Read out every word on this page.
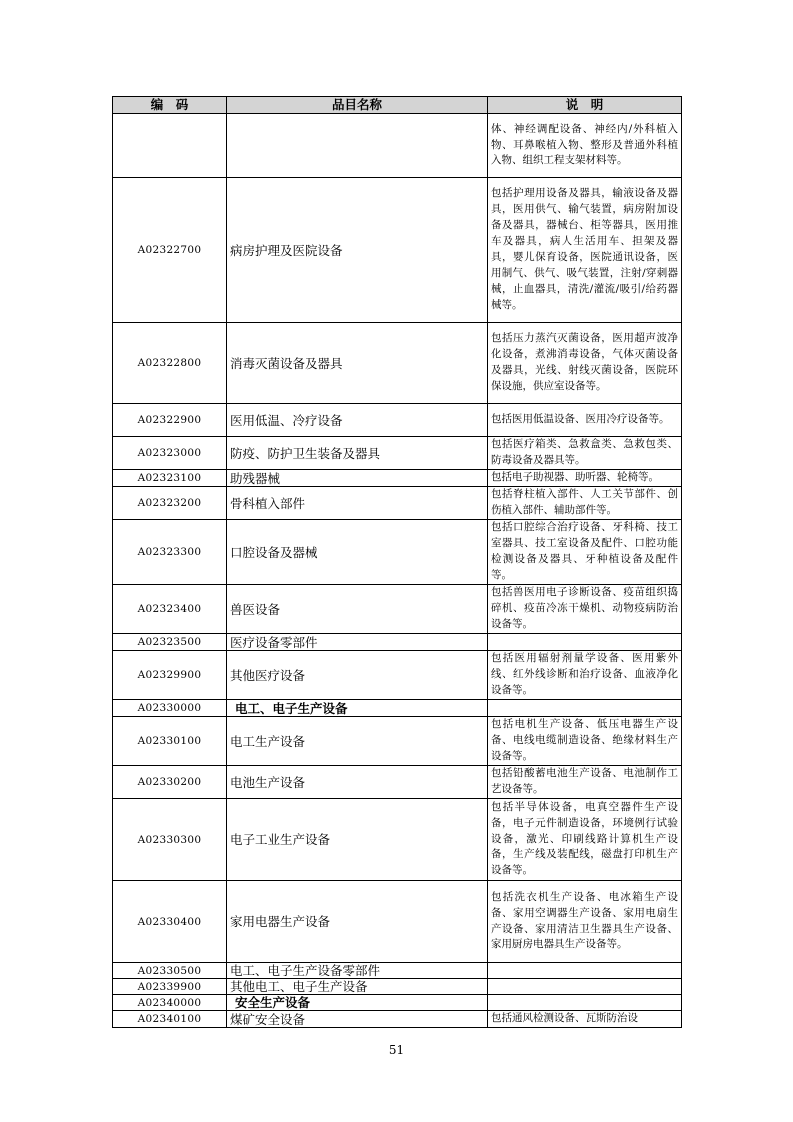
编　码	品目名称	说　明
		体、神经调配设备、神经内/外科植入物、耳鼻喉植入物、整形及普通外科植入物、组织工程支架材料等。
A02322700	病房护理及医院设备	包括护理用设备及器具，输液设备及器具，医用供气、输气装置，病房附加设备及器具，器械台、柜等器具，医用推车及器具，病人生活用车、担架及器具，婴儿保育设备，医院通讯设备，医用制气、供气、吸气装置，注射/穿刺器械，止血器具，清洗/灌流/吸引/给药器械等。
A02322800	消毒灭菌设备及器具	包括压力蒸汽灭菌设备，医用超声波净化设备，煮沸消毒设备，气体灭菌设备及器具，光线、射线灭菌设备，医院环保设施，供应室设备等。
A02322900	医用低温、冷疗设备	包括医用低温设备、医用冷疗设备等。
A02323000	防疫、防护卫生装备及器具	包括医疗箱类、急救盒类、急救包类、防毒设备及器具等。
A02323100	助残器械	包括电子助视器、助听器、轮椅等。
A02323200	骨科植入部件	包括脊柱植入部件、人工关节部件、创伤植入部件、辅助部件等。
A02323300	口腔设备及器械	包括口腔综合治疗设备、牙科椅、技工室器具、技工室设备及配件、口腔功能检测设备及器具、牙种植设备及配件等。
A02323400	兽医设备	包括兽医用电子诊断设备、疫苗组织捣碎机、疫苗冷冻干燥机、动物疫病防治设备等。
A02323500	医疗设备零部件	
A02329900	其他医疗设备	包括医用辐射剂量学设备、医用紫外线、红外线诊断和治疗设备、血液净化设备等。
A02330000	电工、电子生产设备	
A02330100	电工生产设备	包括电机生产设备、低压电器生产设备、电线电缆制造设备、绝缘材料生产设备等。
A02330200	电池生产设备	包括铅酸蓄电池生产设备、电池制作工艺设备等。
A02330300	电子工业生产设备	包括半导体设备，电真空器件生产设备，电子元件制造设备，环境例行试验设备，激光、印刷线路计算机生产设备，生产线及装配线，磁盘打印机生产设备等。
A02330400	家用电器生产设备	包括洗衣机生产设备、电冰箱生产设备、家用空调器生产设备、家用电扇生产设备、家用清洁卫生器具生产设备、家用厨房电器具生产设备等。
A02330500	电工、电子生产设备零部件	
A02339900	其他电工、电子生产设备	
A02340000	安全生产设备	
A02340100	煤矿安全设备	包括通风检测设备、瓦斯防治设
51
